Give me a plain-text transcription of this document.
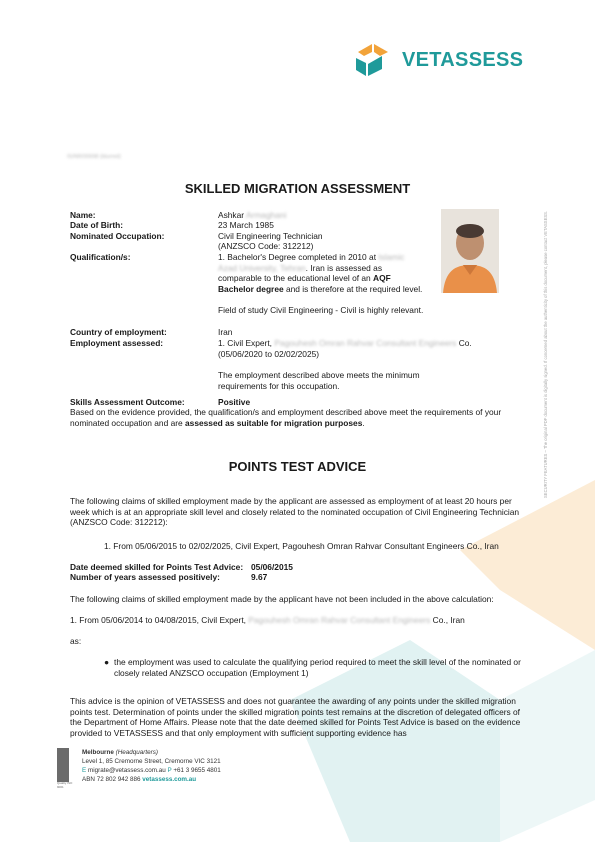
VETASSESS
SECURITY FEATURES – The original PDF document is digitally signed. If concerned about the authenticity of this document, please contact VETASSESS.
IS/NR/00698 (blurred)
SKILLED MIGRATION ASSESSMENT
Name:	Ashkar Armaghani
Date of Birth:	23 March 1985
Nominated Occupation:	Civil Engineering Technician
(ANZSCO Code: 312212)
Qualification/s:	1. Bachelor's Degree completed in 2010 at Islamic
Azad University, Tehran. Iran is assessed as
comparable to the educational level of an AQF
Bachelor degree and is therefore at the required level.
Field of study Civil Engineering - Civil is highly relevant.
Country of employment:	Iran
Employment assessed:	1. Civil Expert, Pagouhesh Omran Rahvar Consultant Engineers Co.
(05/06/2020 to 02/02/2025)
The employment described above meets the minimum requirements for this occupation.
Skills Assessment Outcome:	Positive
Based on the evidence provided, the qualification/s and employment described above meet the requirements of your nominated occupation and are assessed as suitable for migration purposes.
POINTS TEST ADVICE
The following claims of skilled employment made by the applicant are assessed as employment of at least 20 hours per week which is at an appropriate skill level and closely related to the nominated occupation of Civil Engineering Technician (ANZSCO Code: 312212):
1. From 05/06/2015 to 02/02/2025, Civil Expert, Pagouhesh Omran Rahvar Consultant Engineers Co., Iran
Date deemed skilled for Points Test Advice: 05/06/2015
Number of years assessed positively:	9.67
The following claims of skilled employment made by the applicant have not been included in the above calculation:
1. From 05/06/2014 to 04/08/2015, Civil Expert, Pagouhesh Omran Rahvar Consultant Engineers Co., Iran
as:
● the employment was used to calculate the qualifying period required to meet the skill level of the nominated or closely related ANZSCO occupation (Employment 1)
This advice is the opinion of VETASSESS and does not guarantee the awarding of any points under the skilled migration points test. Determination of points under the skilled migration points test remains at the discretion of delegated officers of the Department of Home Affairs. Please note that the date deemed skilled for Points Test Advice is based on the evidence provided to VETASSESS and that only employment with sufficient supporting evidence has
Quality ISO 9001
Melbourne (Headquarters)
Level 1, 85 Cremorne Street, Cremorne VIC 3121
E migrate@vetassess.com.au P +61 3 9655 4801
ABN 72 802 942 886 vetassess.com.au
